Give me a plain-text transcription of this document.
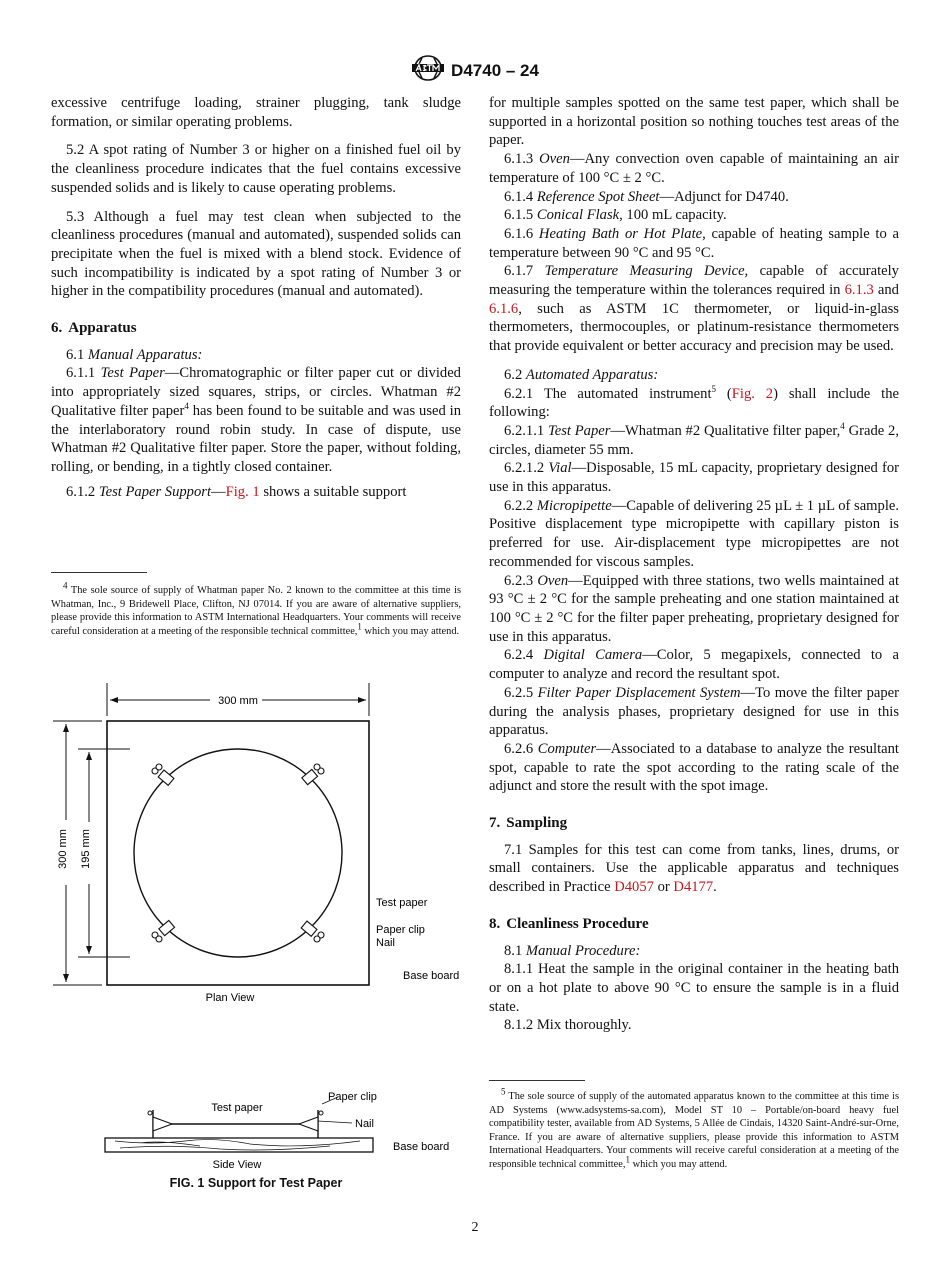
D4740 – 24

excessive centrifuge loading, strainer plugging, tank sludge formation, or similar operating problems.

5.2 A spot rating of Number 3 or higher on a finished fuel oil by the cleanliness procedure indicates that the fuel contains excessive suspended solids and is likely to cause operating problems.

5.3 Although a fuel may test clean when subjected to the cleanliness procedures (manual and automated), suspended solids can precipitate when the fuel is mixed with a blend stock. Evidence of such incompatibility is indicated by a spot rating of Number 3 or higher in the compatibility procedures (manual and automated).

6. Apparatus

6.1 Manual Apparatus:

6.1.1 Test Paper—Chromatographic or filter paper cut or divided into appropriately sized squares, strips, or circles. Whatman #2 Qualitative filter paper$^4$ has been found to be suitable and was used in the interlaboratory round robin study. In case of dispute, use Whatman #2 Qualitative filter paper. Store the paper, without folding, rolling, or bending, in a tightly closed container.

6.1.2 Test Paper Support—Fig. 1 shows a suitable support

$^4$ The sole source of supply of Whatman paper No. 2 known to the committee at this time is Whatman, Inc., 9 Bridewell Place, Clifton, NJ 07014. If you are aware of alternative suppliers, please provide this information to ASTM International Headquarters. Your comments will receive careful consideration at a meeting of the responsible technical committee,$^1$ which you may attend.

300 mm
300 mm 195 mm
Test paper
Paper clip
Nail
Base board
Plan View
Test paper
Paper clip
Nail
Base board
Side View
FIG. 1 Support for Test Paper

for multiple samples spotted on the same test paper, which shall be supported in a horizontal position so nothing touches test areas of the paper.

6.1.3 Oven—Any convection oven capable of maintaining an air temperature of 100 °C ± 2 °C.

6.1.4 Reference Spot Sheet—Adjunct for D4740.

6.1.5 Conical Flask, 100 mL capacity.

6.1.6 Heating Bath or Hot Plate, capable of heating sample to a temperature between 90 °C and 95 °C.

6.1.7 Temperature Measuring Device, capable of accurately measuring the temperature within the tolerances required in 6.1.3 and 6.1.6, such as ASTM 1C thermometer, or liquid-in-glass thermometers, thermocouples, or platinum-resistance thermometers that provide equivalent or better accuracy and precision may be used.

6.2 Automated Apparatus:

6.2.1 The automated instrument$^5$ (Fig. 2) shall include the following:

6.2.1.1 Test Paper—Whatman #2 Qualitative filter paper,$^4$ Grade 2, circles, diameter 55 mm.

6.2.1.2 Vial—Disposable, 15 mL capacity, proprietary designed for use in this apparatus.

6.2.2 Micropipette—Capable of delivering 25 µL ± 1 µL of sample. Positive displacement type micropipette with capillary piston is preferred for use. Air-displacement type micropipettes are not recommended for viscous samples.

6.2.3 Oven—Equipped with three stations, two wells maintained at 93 °C ± 2 °C for the sample preheating and one station maintained at 100 °C ± 2 °C for the filter paper preheating, proprietary designed for use in this apparatus.

6.2.4 Digital Camera—Color, 5 megapixels, connected to a computer to analyze and record the resultant spot.

6.2.5 Filter Paper Displacement System—To move the filter paper during the analysis phases, proprietary designed for use in this apparatus.

6.2.6 Computer—Associated to a database to analyze the resultant spot, capable to rate the spot according to the rating scale of the adjunct and store the result with the spot image.

7. Sampling

7.1 Samples for this test can come from tanks, lines, drums, or small containers. Use the applicable apparatus and techniques described in Practice D4057 or D4177.

8. Cleanliness Procedure

8.1 Manual Procedure:

8.1.1 Heat the sample in the original container in the heating bath or on a hot plate to above 90 °C to ensure the sample is in a fluid state.

8.1.2 Mix thoroughly.

$^5$ The sole source of supply of the automated apparatus known to the committee at this time is AD Systems (www.adsystems-sa.com), Model ST 10 – Portable/on-board heavy fuel compatibility tester, available from AD Systems, 5 Allée de Cindais, 14320 Saint-André-sur-Orne, France. If you are aware of alternative suppliers, please provide this information to ASTM International Headquarters. Your comments will receive careful consideration at a meeting of the responsible technical committee,$^1$ which you may attend.

2
